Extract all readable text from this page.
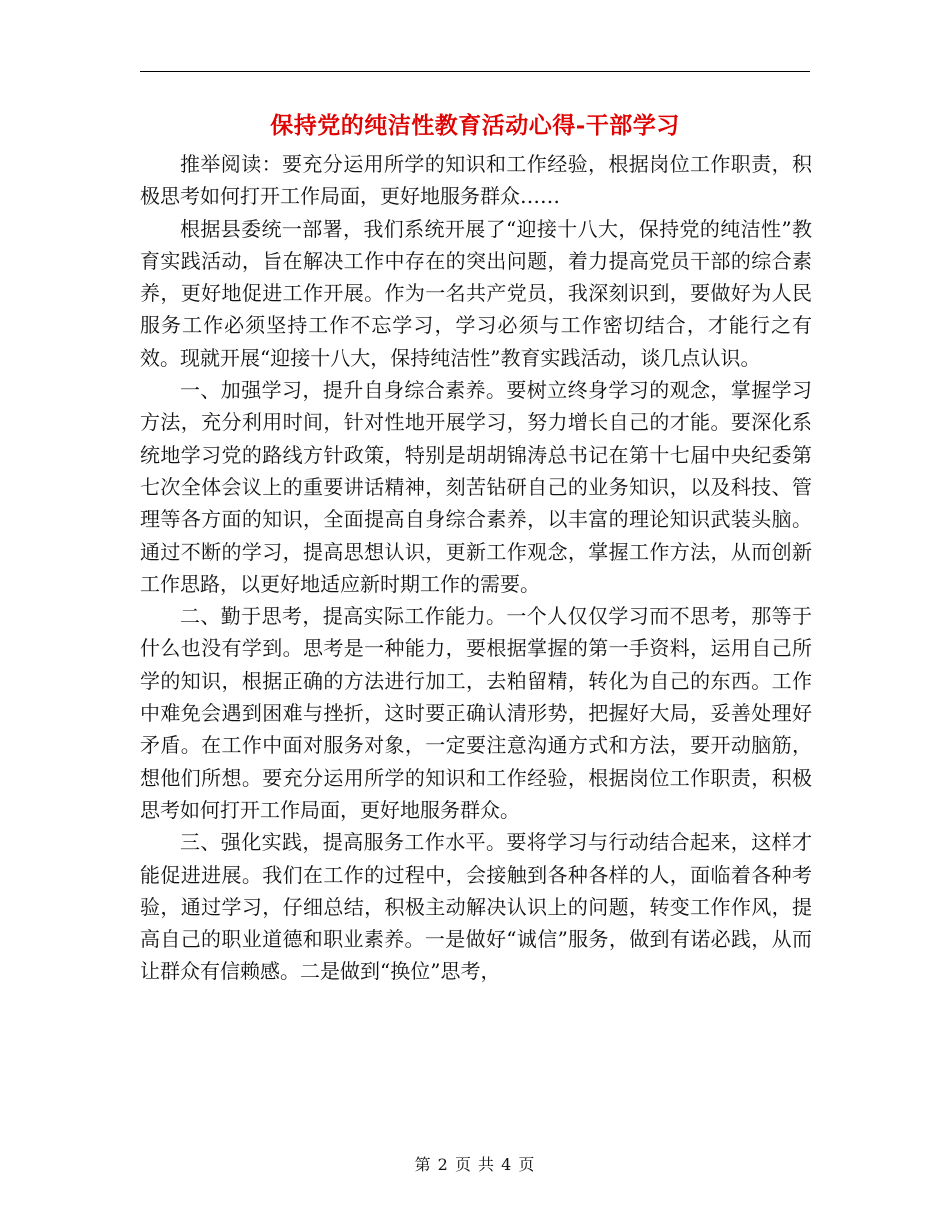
保持党的纯洁性教育活动心得-干部学习

推举阅读：要充分运用所学的知识和工作经验，根据岗位工作职责，积极思考如何打开工作局面，更好地服务群众……

根据县委统一部署，我们系统开展了“迎接十八大，保持党的纯洁性”教育实践活动，旨在解决工作中存在的突出问题，着力提高党员干部的综合素养，更好地促进工作开展。作为一名共产党员，我深刻识到，要做好为人民服务工作必须坚持工作不忘学习，学习必须与工作密切结合，才能行之有效。现就开展“迎接十八大，保持纯洁性”教育实践活动，谈几点认识。

一、加强学习，提升自身综合素养。要树立终身学习的观念，掌握学习方法，充分利用时间，针对性地开展学习，努力增长自己的才能。要深化系统地学习党的路线方针政策，特别是胡胡锦涛总书记在第十七届中央纪委第七次全体会议上的重要讲话精神，刻苦钻研自己的业务知识，以及科技、管理等各方面的知识，全面提高自身综合素养，以丰富的理论知识武装头脑。通过不断的学习，提高思想认识，更新工作观念，掌握工作方法，从而创新工作思路，以更好地适应新时期工作的需要。

二、勤于思考，提高实际工作能力。一个人仅仅学习而不思考，那等于什么也没有学到。思考是一种能力，要根据掌握的第一手资料，运用自己所学的知识，根据正确的方法进行加工，去粕留精，转化为自己的东西。工作中难免会遇到困难与挫折，这时要正确认清形势，把握好大局，妥善处理好矛盾。在工作中面对服务对象，一定要注意沟通方式和方法，要开动脑筋，想他们所想。要充分运用所学的知识和工作经验，根据岗位工作职责，积极思考如何打开工作局面，更好地服务群众。

三、强化实践，提高服务工作水平。要将学习与行动结合起来，这样才能促进进展。我们在工作的过程中，会接触到各种各样的人，面临着各种考验，通过学习，仔细总结，积极主动解决认识上的问题，转变工作作风，提高自己的职业道德和职业素养。一是做好“诚信”服务，做到有诺必践，从而让群众有信赖感。二是做到“换位”思考，

第 2 页 共 4 页
